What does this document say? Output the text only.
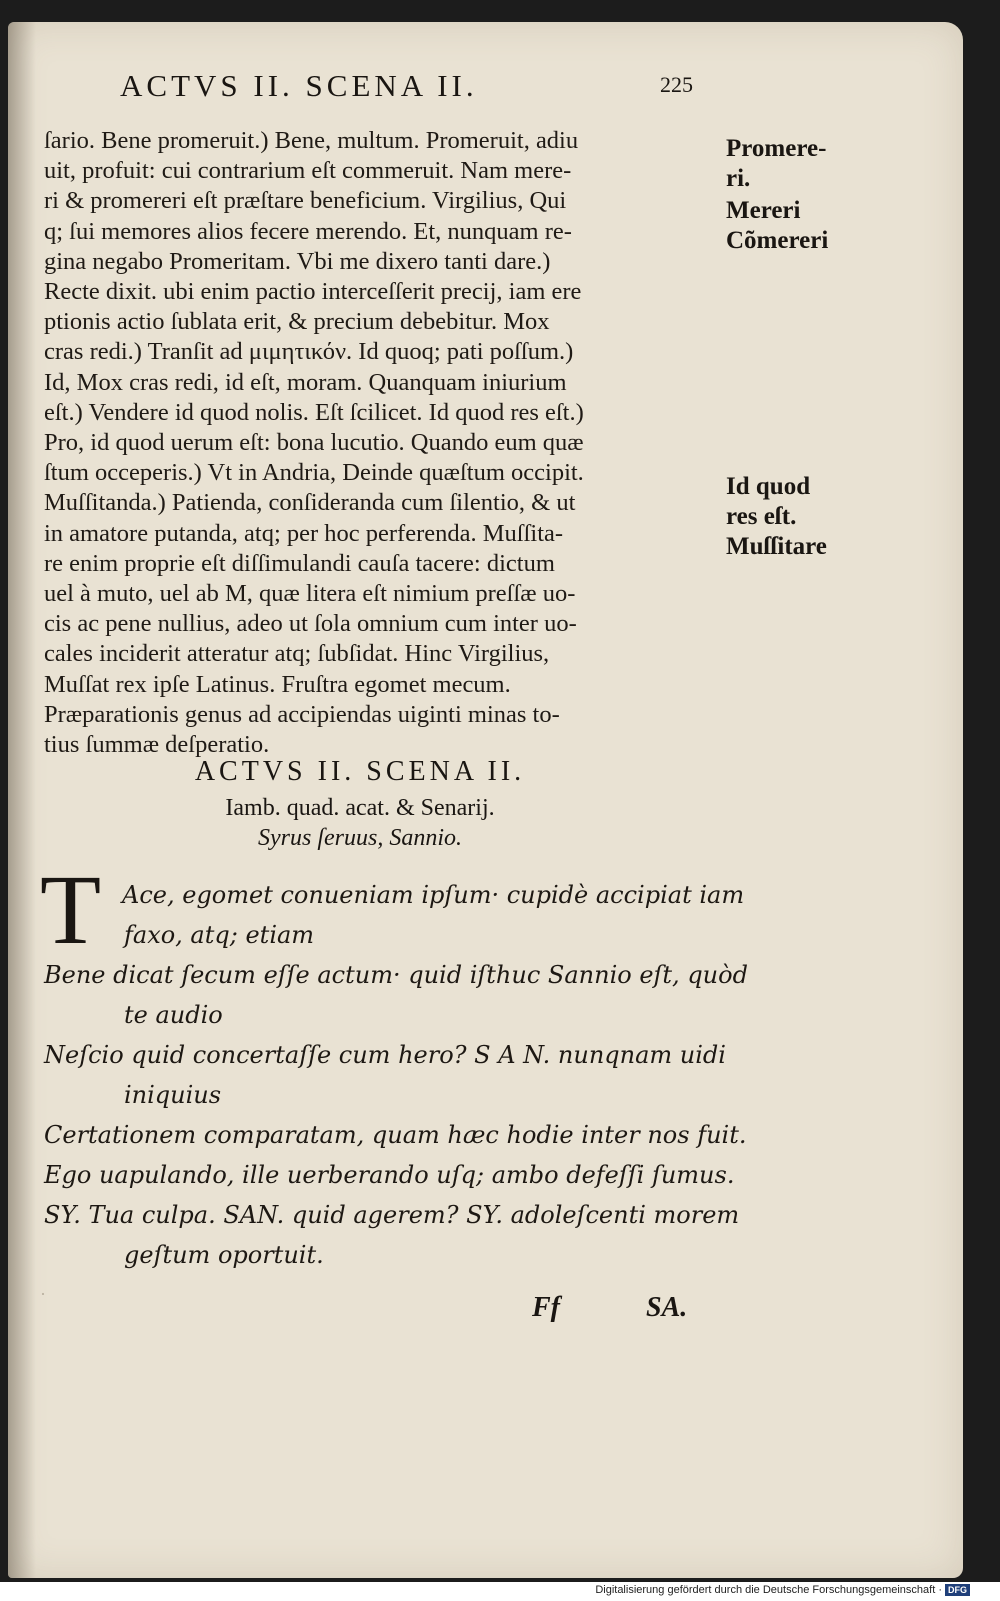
ACTVS II. SCENA II.	225
ſario. Bene promeruit.) Bene, multum. Promeruit, adiu
uit, profuit: cui contrarium eſt commeruit. Nam mere-
ri & promereri eſt præſtare beneficium. Virgilius, Qui
q; ſui memores alios fecere merendo. Et, nunquam re-
gina negabo Promeritam. Vbi me dixero tanti dare.)
Recte dixit. ubi enim pactio interceſſerit precij, iam ere
ptionis actio ſublata erit, & precium debebitur. Mox
cras redi.) Tranſit ad μιμητικόν. Id quoq; pati poſſum.)
Id, Mox cras redi, id eſt, moram. Quanquam iniurium
eſt.) Vendere id quod nolis. Eſt ſcilicet. Id quod res eſt.)
Pro, id quod uerum eſt: bona lucutio. Quando eum quæ
ſtum occeperis.) Vt in Andria, Deinde quæſtum occipit.
Muſſitanda.) Patienda, conſideranda cum ſilentio, & ut
in amatore putanda, atq; per hoc perferenda. Muſſita-
re enim proprie eſt diſſimulandi cauſa tacere: dictum
uel à muto, uel ab M, quæ litera eſt nimium preſſæ uo-
cis ac pene nullius, adeo ut ſola omnium cum inter uo-
cales inciderit atteratur atq; ſubſidat. Hinc Virgilius,
Muſſat rex ipſe Latinus. Fruſtra egomet mecum.
Præparationis genus ad accipiendas uiginti minas to-
tius ſummæ deſperatio.
Promere-
ri.
Mereri
Cõmereri
Id quod
res eſt.
Muſſitare
ACTVS II. SCENA II.
Iamb. quad. acat. & Senarij.
Syrus ſeruus, Sannio.
T Ace, egomet conueniam ipſum· cupidè accipiat iam
faxo, atq; etiam
Bene dicat ſecum eſſe actum· quid iſthuc Sannio eſt, quòd
te audio
Neſcio quid concertaſſe cum hero? S A N. nunqnam uidi
iniquius
Certationem comparatam, quam hæc hodie inter nos fuit.
Ego uapulando, ille uerberando uſq; ambo defeſſi ſumus.
SY. Tua culpa. SAN. quid agerem? SY. adoleſcenti morem
geſtum oportuit.
·	Ff	SA.
Digitalisierung gefördert durch die Deutsche Forschungsgemeinschaft · DFG
